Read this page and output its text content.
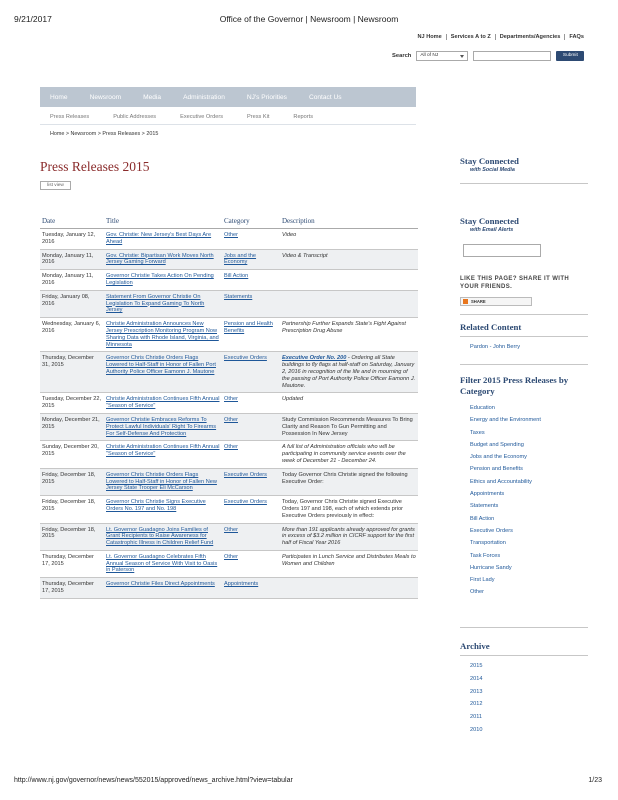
Office of the Governor | Newsroom | Newsroom
9/21/2017
NJ Home	Services A to Z	Departments/Agencies	FAQs
Search	All of NJ	Submit
Home	Newsroom	Media	Administration	NJ's Priorities	Contact Us
Press Releases	Public Addresses	Executive Orders	Press Kit	Reports
Home > Newsroom > Press Releases > 2015
Press Releases 2015
list view
Date	Title	Category	Description
Tuesday, January 12, 2016	Gov. Christie: New Jersey's Best Days Are Ahead	Other	Video
Monday, January 11, 2016	Gov. Christie: Bipartisan Work Moves North Jersey Gaming Forward	Jobs and the Economy	Video & Transcript
Monday, January 11, 2016	Governor Christie Takes Action On Pending Legislation	Bill Action	
Friday, January 08, 2016	Statement From Governor Christie On Legislation To Expand Gaming To North Jersey	Statements	
Wednesday, January 6, 2016	Christie Administration Announces New Jersey Prescription Monitoring Program Now Sharing Data with Rhode Island, Virginia, and Minnesota	Pension and Health Benefits	Partnership Further Expands State's Fight Against Prescription Drug Abuse
Thursday, December 31, 2015	Governor Chris Christie Orders Flags Lowered to Half-Staff in Honor of Fallen Port Authority Police Officer Eamonn J. Mautone	Executive Orders	Executive Order No. 200 - Ordering all State buildings to fly flags at half-staff on Saturday, January 2, 2016 in recognition of the life and in mourning of the passing of Port Authority Police Officer Eamonn J. Mautone.
Tuesday, December 22, 2015	Christie Administration Continues Fifth Annual "Season of Service"	Other	Updated
Monday, December 21, 2015	Governor Christie Embraces Reforms To Protect Lawful Individuals' Right To Firearms For Self-Defense And Protection	Other	Study Commission Recommends Measures To Bring Clarity and Reason To Gun Permitting and Possession In New Jersey
Sunday, December 20, 2015	Christie Administration Continues Fifth Annual "Season of Service"	Other	A full list of Administration officials who will be participating in community service events over the week of December 21 - December 24.
Friday, December 18, 2015	Governor Chris Christie Orders Flags Lowered to Half-Staff in Honor of Fallen New Jersey State Trooper Eli McCarson	Executive Orders	Today Governor Chris Christie signed the following Executive Order:
Friday, December 18, 2015	Governor Chris Christie Signs Executive Orders No. 197 and No. 198	Executive Orders	Today, Governor Chris Christie signed Executive Orders 197 and 198, each of which extends prior Executive Orders previously in effect:
Friday, December 18, 2015	Lt. Governor Guadagno Joins Families of Grant Recipients to Raise Awareness for Catastrophic Illness in Children Relief Fund	Other	More than 191 applicants already approved for grants in excess of $3.2 million in CICRF support for the first half of Fiscal Year 2016
Thursday, December 17, 2015	Lt. Governor Guadagno Celebrates Fifth Annual Season of Service With Visit to Oasis in Paterson	Other	Participates in Lunch Service and Distributes Meals to Women and Children
Thursday, December 17, 2015	Governor Christie Files Direct Appointments	Appointments	
Stay Connected
with Social Media
Stay Connected
with Email Alerts
LIKE THIS PAGE? SHARE IT WITH YOUR FRIENDS.
SHARE
Related Content
Pardon - John Berry
Filter 2015 Press Releases by Category
Education
Energy and the Environment
Taxes
Budget and Spending
Jobs and the Economy
Pension and Benefits
Ethics and Accountability
Appointments
Statements
Bill Action
Executive Orders
Transportation
Task Forces
Hurricane Sandy
First Lady
Other
Archive
2015
2014
2013
2012
2011
2010
http://www.nj.gov/governor/news/news/552015/approved/news_archive.html?view=tabular	1/23
